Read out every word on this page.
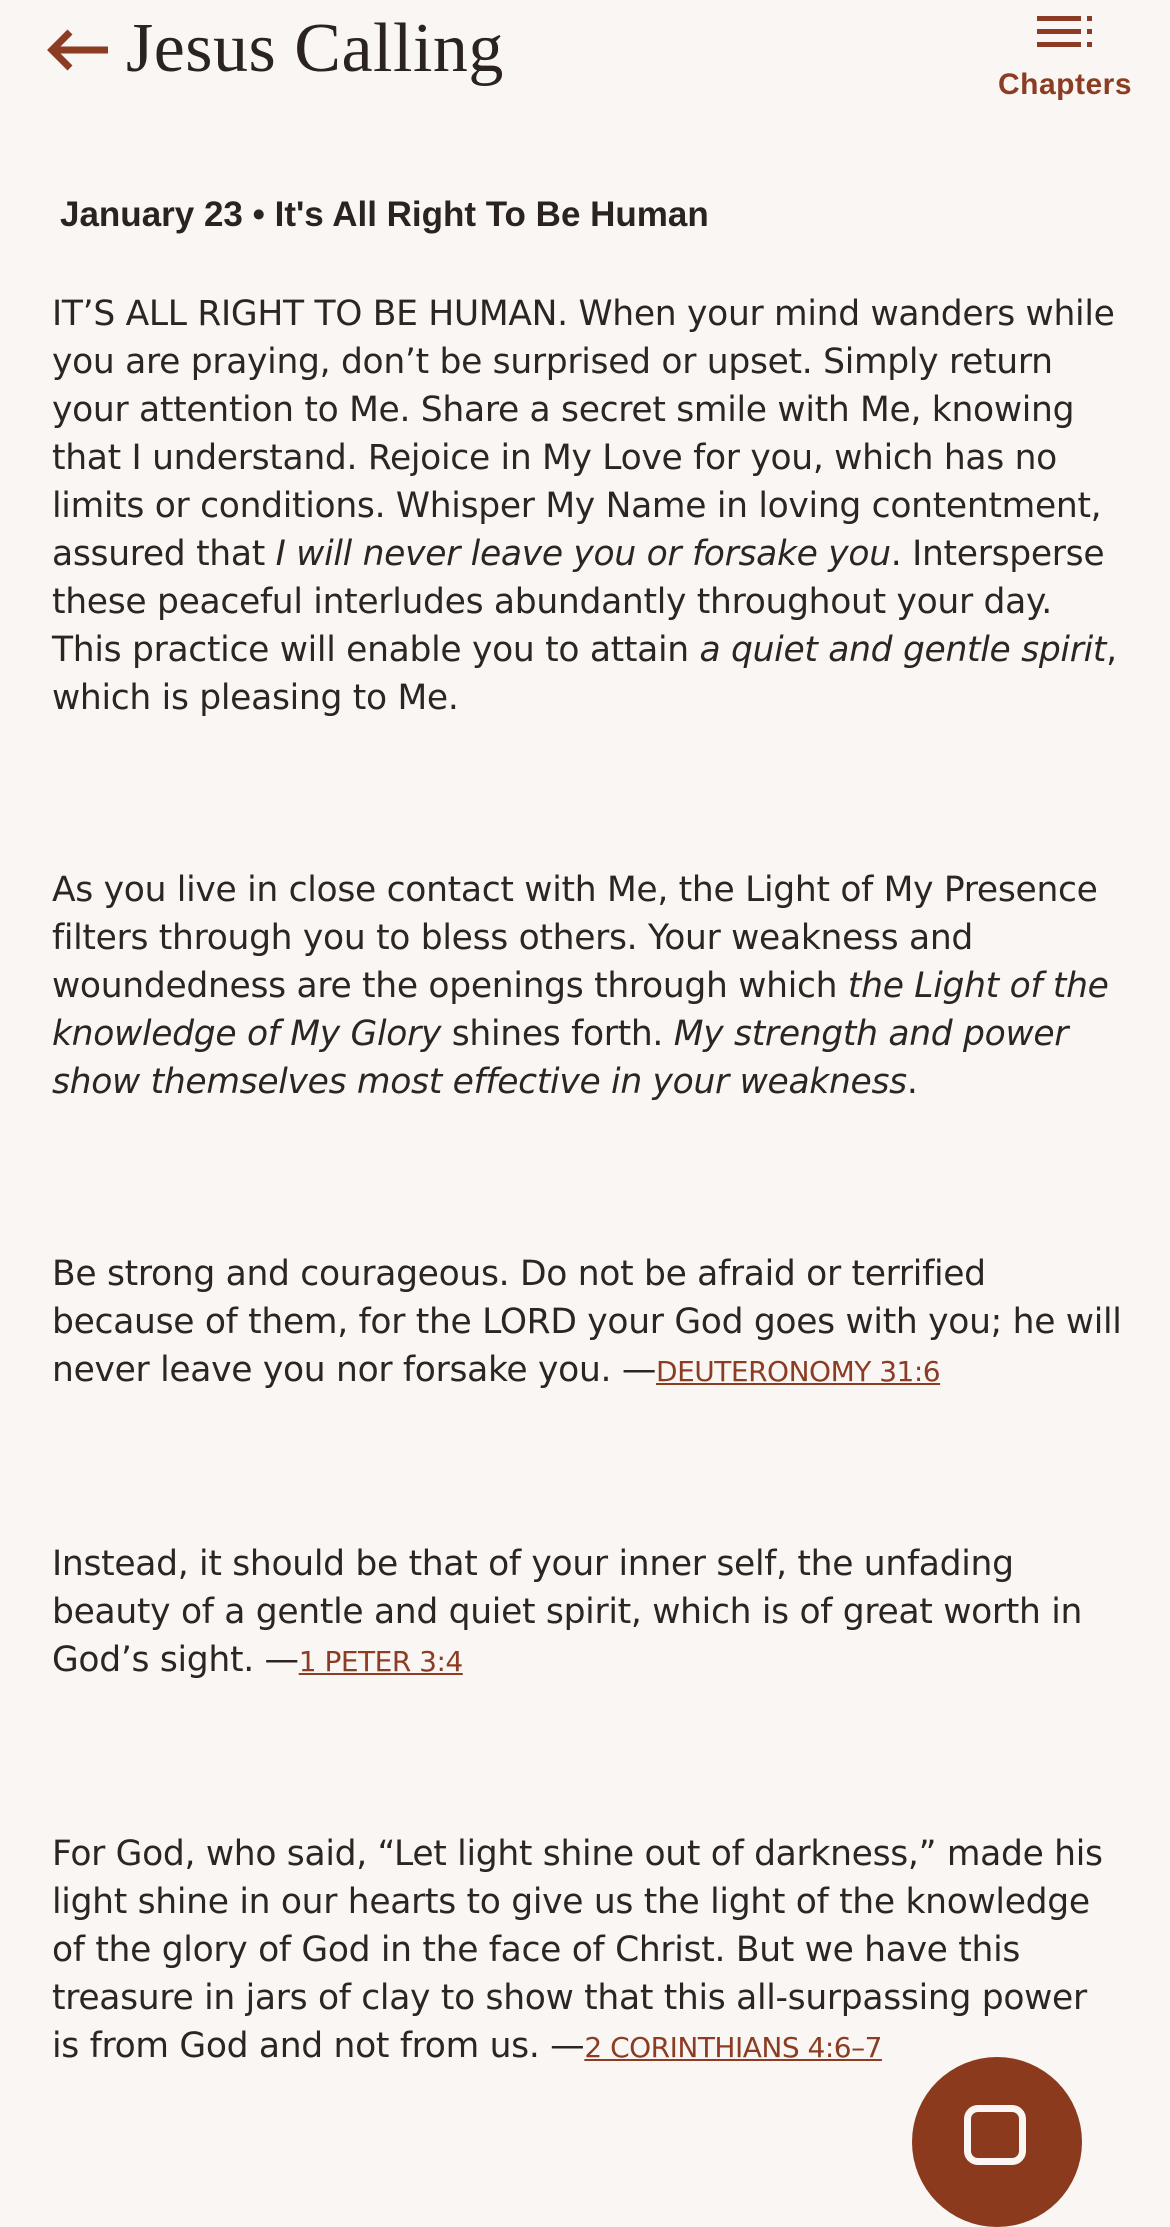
Jesus Calling	Chapters
January 23 • It's All Right To Be Human

IT’S ALL RIGHT TO BE HUMAN. When your mind wanders while you are praying, don’t be surprised or upset. Simply return your attention to Me. Share a secret smile with Me, knowing that I understand. Rejoice in My Love for you, which has no limits or conditions. Whisper My Name in loving contentment, assured that I will never leave you or forsake you. Intersperse these peaceful interludes abundantly throughout your day. This practice will enable you to attain a quiet and gentle spirit, which is pleasing to Me.

As you live in close contact with Me, the Light of My Presence filters through you to bless others. Your weakness and woundedness are the openings through which the Light of the knowledge of My Glory shines forth. My strength and power show themselves most effective in your weakness.

Be strong and courageous. Do not be afraid or terrified because of them, for the LORD your God goes with you; he will never leave you nor forsake you. —DEUTERONOMY 31:6

Instead, it should be that of your inner self, the unfading beauty of a gentle and quiet spirit, which is of great worth in God’s sight. —1 PETER 3:4

For God, who said, “Let light shine out of darkness,” made his light shine in our hearts to give us the light of the knowledge of the glory of God in the face of Christ. But we have this treasure in jars of clay to show that this all-surpassing power is from God and not from us. —2 CORINTHIANS 4:6–7
